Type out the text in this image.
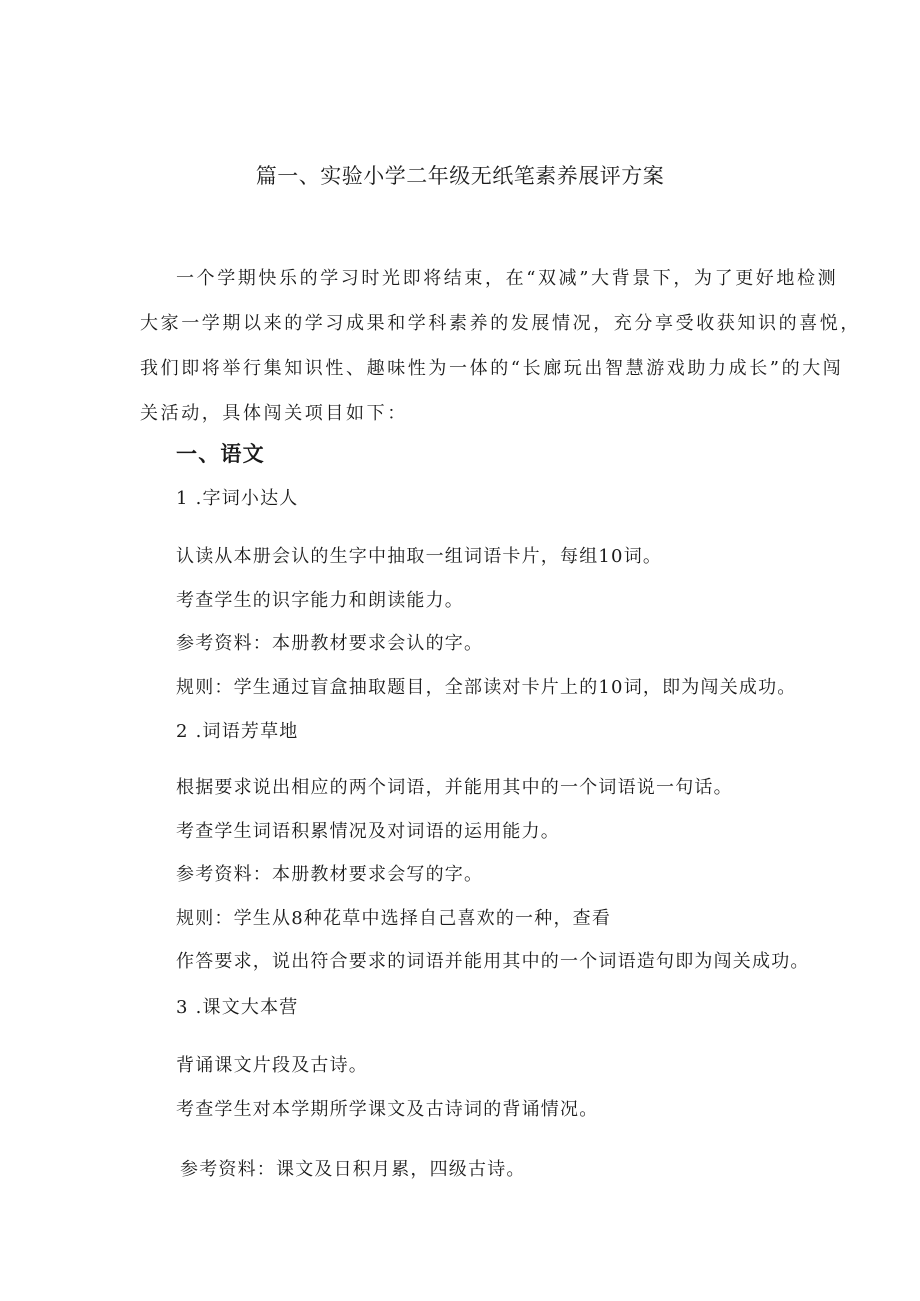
篇一、实验小学二年级无纸笔素养展评方案
一个学期快乐的学习时光即将结束，在“双减”大背景下，为了更好地检测
大家一学期以来的学习成果和学科素养的发展情况，充分享受收获知识的喜悦，
我们即将举行集知识性、趣味性为一体的“长廊玩出智慧游戏助力成长”的大闯
关活动，具体闯关项目如下：
一、语文
1 .字词小达人
认读从本册会认的生字中抽取一组词语卡片，每组10词。
考查学生的识字能力和朗读能力。
参考资料：本册教材要求会认的字。
规则：学生通过盲盒抽取题目，全部读对卡片上的10词，即为闯关成功。
2 .词语芳草地
根据要求说出相应的两个词语，并能用其中的一个词语说一句话。
考查学生词语积累情况及对词语的运用能力。
参考资料：本册教材要求会写的字。
规则：学生从8种花草中选择自己喜欢的一种，查看
作答要求，说出符合要求的词语并能用其中的一个词语造句即为闯关成功。
3 .课文大本营
背诵课文片段及古诗。
考查学生对本学期所学课文及古诗词的背诵情况。
参考资料：课文及日积月累，四级古诗。
